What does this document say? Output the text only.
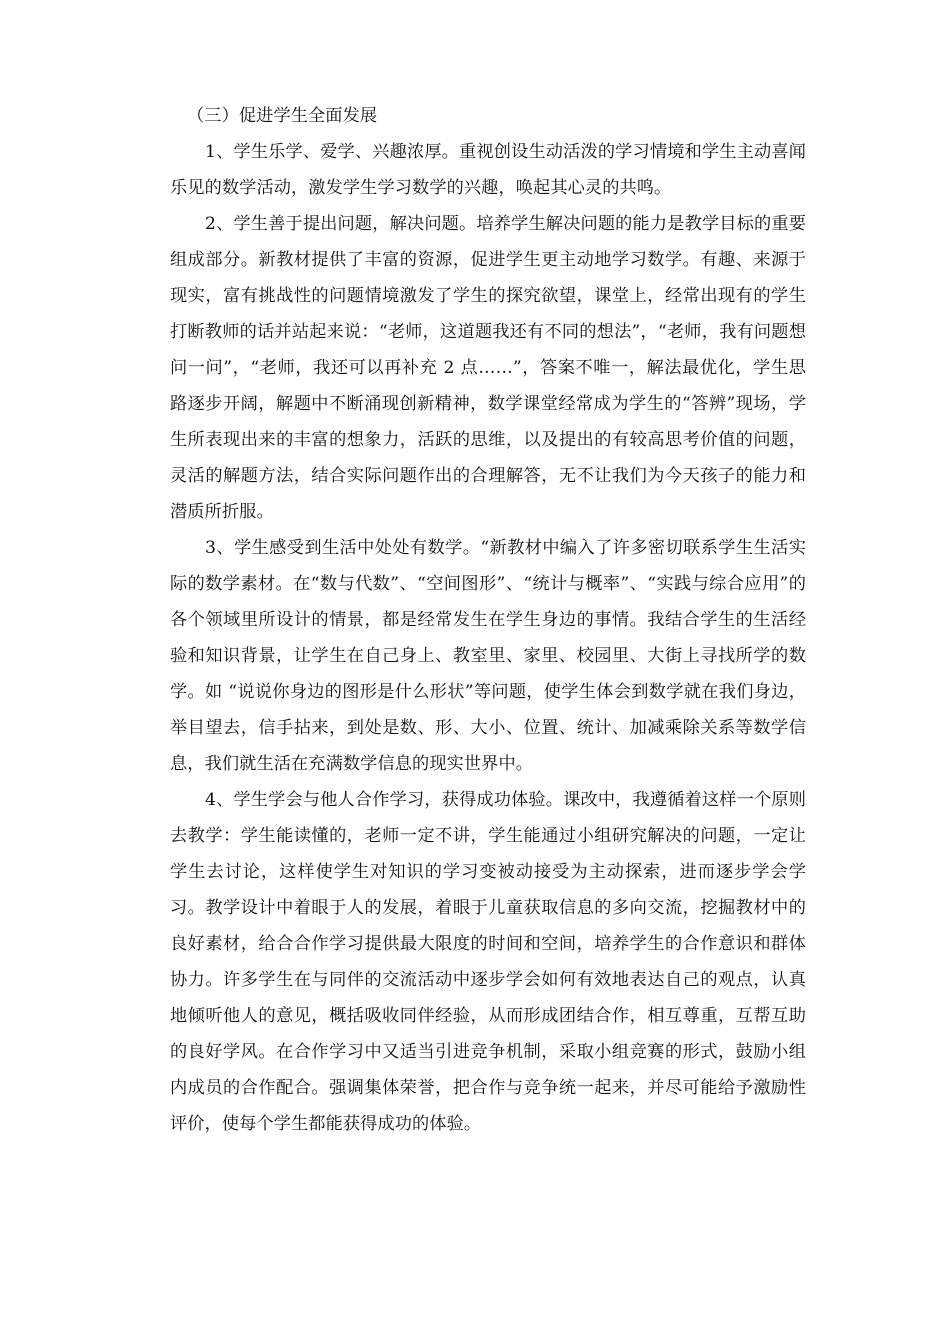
（三）促进学生全面发展

1、学生乐学、爱学、兴趣浓厚。重视创设生动活泼的学习情境和学生主动喜闻乐见的数学活动，激发学生学习数学的兴趣，唤起其心灵的共鸣。

2、学生善于提出问题，解决问题。培养学生解决问题的能力是教学目标的重要组成部分。新教材提供了丰富的资源，促进学生更主动地学习数学。有趣、来源于现实，富有挑战性的问题情境激发了学生的探究欲望，课堂上，经常出现有的学生打断教师的话并站起来说：“老师，这道题我还有不同的想法”，“老师，我有问题想问一问”，“老师，我还可以再补充 2 点……”，答案不唯一，解法最优化，学生思路逐步开阔，解题中不断涌现创新精神，数学课堂经常成为学生的“答辨”现场，学生所表现出来的丰富的想象力，活跃的思维，以及提出的有较高思考价值的问题，灵活的解题方法，结合实际问题作出的合理解答，无不让我们为今天孩子的能力和潜质所折服。

3、学生感受到生活中处处有数学。“新教材中编入了许多密切联系学生生活实际的数学素材。在“数与代数”、“空间图形”、“统计与概率”、“实践与综合应用”的各个领域里所设计的情景，都是经常发生在学生身边的事情。我结合学生的生活经验和知识背景，让学生在自己身上、教室里、家里、校园里、大街上寻找所学的数学。如 “说说你身边的图形是什么形状”等问题，使学生体会到数学就在我们身边，举目望去，信手拈来，到处是数、形、大小、位置、统计、加减乘除关系等数学信息，我们就生活在充满数学信息的现实世界中。

4、学生学会与他人合作学习，获得成功体验。课改中，我遵循着这样一个原则去教学：学生能读懂的，老师一定不讲，学生能通过小组研究解决的问题，一定让学生去讨论，这样使学生对知识的学习变被动接受为主动探索，进而逐步学会学习。教学设计中着眼于人的发展，着眼于儿童获取信息的多向交流，挖掘教材中的良好素材，给合合作学习提供最大限度的时间和空间，培养学生的合作意识和群体协力。许多学生在与同伴的交流活动中逐步学会如何有效地表达自己的观点，认真地倾听他人的意见，概括吸收同伴经验，从而形成团结合作，相互尊重，互帮互助的良好学风。在合作学习中又适当引进竞争机制，采取小组竞赛的形式，鼓励小组内成员的合作配合。强调集体荣誉，把合作与竞争统一起来，并尽可能给予激励性评价，使每个学生都能获得成功的体验。
